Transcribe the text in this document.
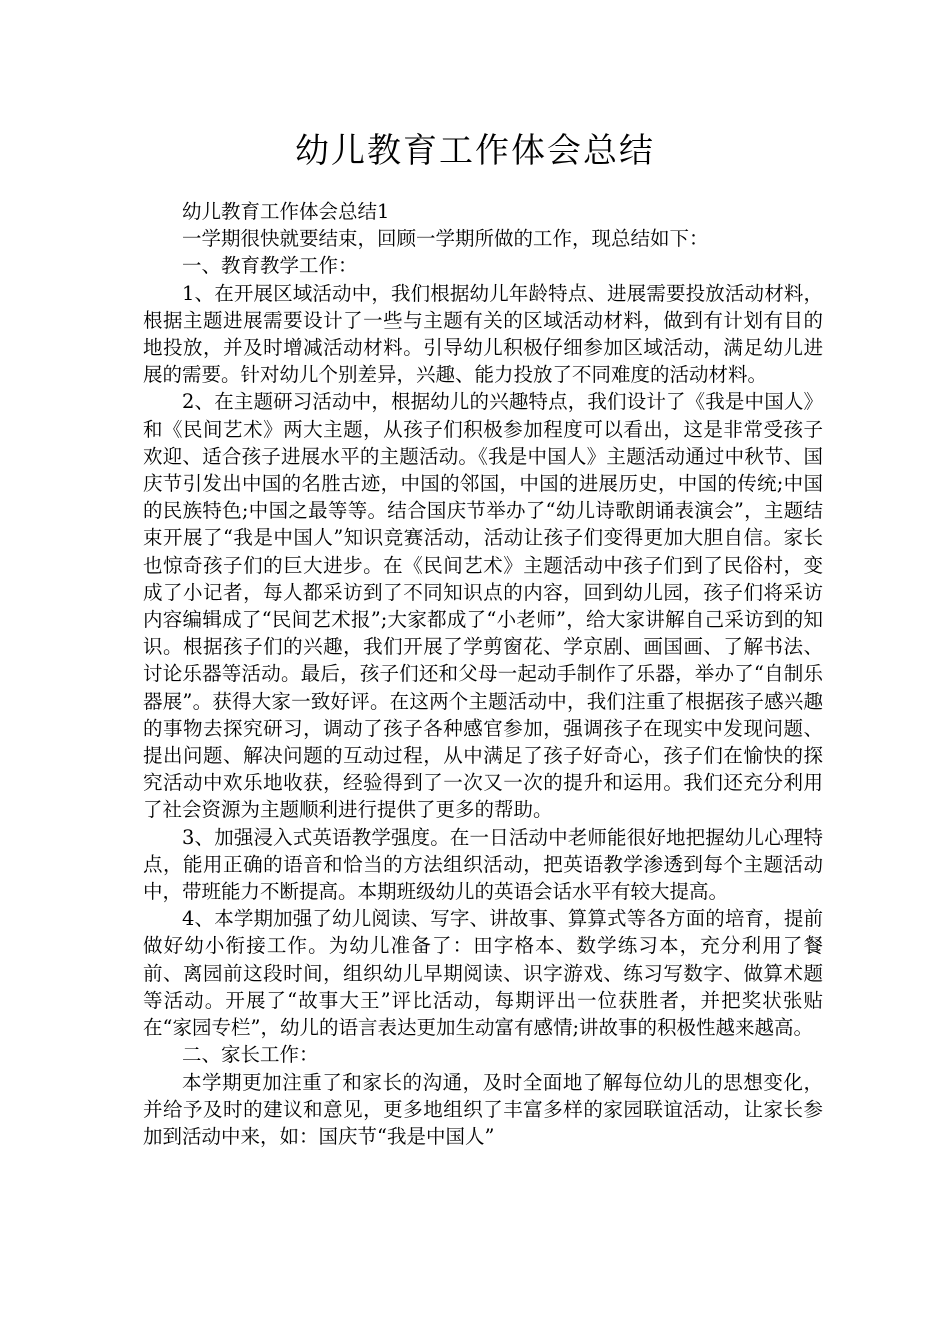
幼儿教育工作体会总结

幼儿教育工作体会总结1

一学期很快就要结束，回顾一学期所做的工作，现总结如下：

一、教育教学工作：

1、在开展区域活动中，我们根据幼儿年龄特点、进展需要投放活动材料，根据主题进展需要设计了一些与主题有关的区域活动材料，做到有计划有目的地投放，并及时增减活动材料。引导幼儿积极仔细参加区域活动，满足幼儿进展的需要。针对幼儿个别差异，兴趣、能力投放了不同难度的活动材料。

2、在主题研习活动中，根据幼儿的兴趣特点，我们设计了《我是中国人》和《民间艺术》两大主题，从孩子们积极参加程度可以看出，这是非常受孩子欢迎、适合孩子进展水平的主题活动。《我是中国人》主题活动通过中秋节、国庆节引发出中国的名胜古迹，中国的邻国，中国的进展历史，中国的传统;中国的民族特色;中国之最等等。结合国庆节举办了“幼儿诗歌朗诵表演会”，主题结束开展了“我是中国人”知识竞赛活动，活动让孩子们变得更加大胆自信。家长也惊奇孩子们的巨大进步。在《民间艺术》主题活动中孩子们到了民俗村，变成了小记者，每人都采访到了不同知识点的内容，回到幼儿园，孩子们将采访内容编辑成了“民间艺术报”;大家都成了“小老师”，给大家讲解自己采访到的知识。根据孩子们的兴趣，我们开展了学剪窗花、学京剧、画国画、了解书法、讨论乐器等活动。最后，孩子们还和父母一起动手制作了乐器，举办了“自制乐器展”。获得大家一致好评。在这两个主题活动中，我们注重了根据孩子感兴趣的事物去探究研习，调动了孩子各种感官参加，强调孩子在现实中发现问题、提出问题、解决问题的互动过程，从中满足了孩子好奇心，孩子们在愉快的探究活动中欢乐地收获，经验得到了一次又一次的提升和运用。我们还充分利用了社会资源为主题顺利进行提供了更多的帮助。

3、加强浸入式英语教学强度。在一日活动中老师能很好地把握幼儿心理特点，能用正确的语音和恰当的方法组织活动，把英语教学渗透到每个主题活动中，带班能力不断提高。本期班级幼儿的英语会话水平有较大提高。

4、本学期加强了幼儿阅读、写字、讲故事、算算式等各方面的培育，提前做好幼小衔接工作。为幼儿准备了：田字格本、数学练习本，充分利用了餐前、离园前这段时间，组织幼儿早期阅读、识字游戏、练习写数字、做算术题等活动。开展了“故事大王”评比活动，每期评出一位获胜者，并把奖状张贴在“家园专栏”，幼儿的语言表达更加生动富有感情;讲故事的积极性越来越高。

二、家长工作：

本学期更加注重了和家长的沟通，及时全面地了解每位幼儿的思想变化，并给予及时的建议和意见，更多地组织了丰富多样的家园联谊活动，让家长参加到活动中来，如：国庆节“我是中国人”
